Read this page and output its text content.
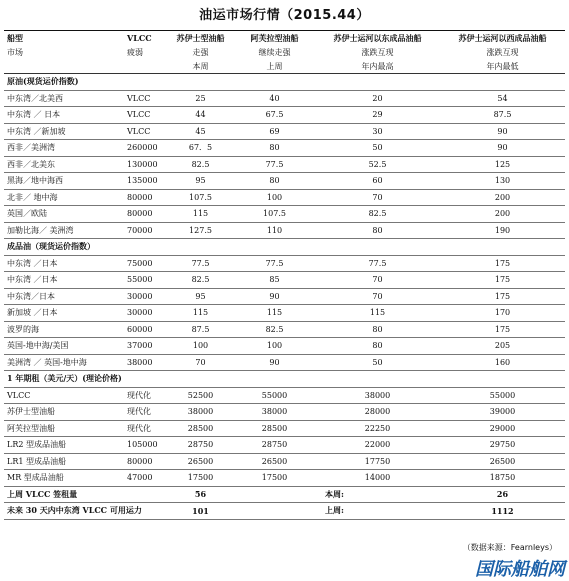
油运市场行情（2015.44）
船型	VLCC	苏伊士型油船	阿芙拉型油船	苏伊士运河以东成品油船	苏伊士运河以西成品油船
市场	疲弱	走强	继续走强	涨跌互现	涨跌互现
		本周	上周	年内最高	年内最低
原油(现货运价指数)					
中东湾／北美西	VLCC	25	40	20	54
中东湾 ／ 日本	VLCC	44	67.5	29	87.5
中东湾 ／新加坡	VLCC	45	69	30	90
西非／美洲湾	260000	67．5	80	50	90
西非／北美东	130000	82.5	77.5	52.5	125
黑海／地中海西	135000	95	80	60	130
北非／ 地中海	80000	107.5	100	70	200
英国／欧陆	80000	115	107.5	82.5	200
加勒比海／ 美洲湾	70000	127.5	110	80	190
成品油（现货运价指数）					
中东湾 ／日本	75000	77.5	77.5	77.5	175
中东湾 ／日本	55000	82.5	85	70	175
中东湾／日本	30000	95	90	70	175
新加坡 ／日本	30000	115	115	115	170
波罗的海	60000	87.5	82.5	80	175
英国-地中海/美国	37000	100	100	80	205
美洲湾 ／ 英国-地中海	38000	70	90	50	160
1 年期租（美元/天）(理论价格)					
VLCC	现代化	52500	55000	38000	55000
苏伊士型油船	现代化	38000	38000	28000	39000
阿芙拉型油船	现代化	28500	28500	22250	29000
LR2 型成品油船	105000	28750	28750	22000	29750
LR1 型成品油船	80000	26500	26500	17750	26500
MR 型成品油船	47000	17500	17500	14000	18750
上周 VLCC 签租量		56		本周:	26
未来 30 天内中东湾 VLCC 可用运力		101		上周:	1112
（数据来源：Fearnleys）
国际船舶网
